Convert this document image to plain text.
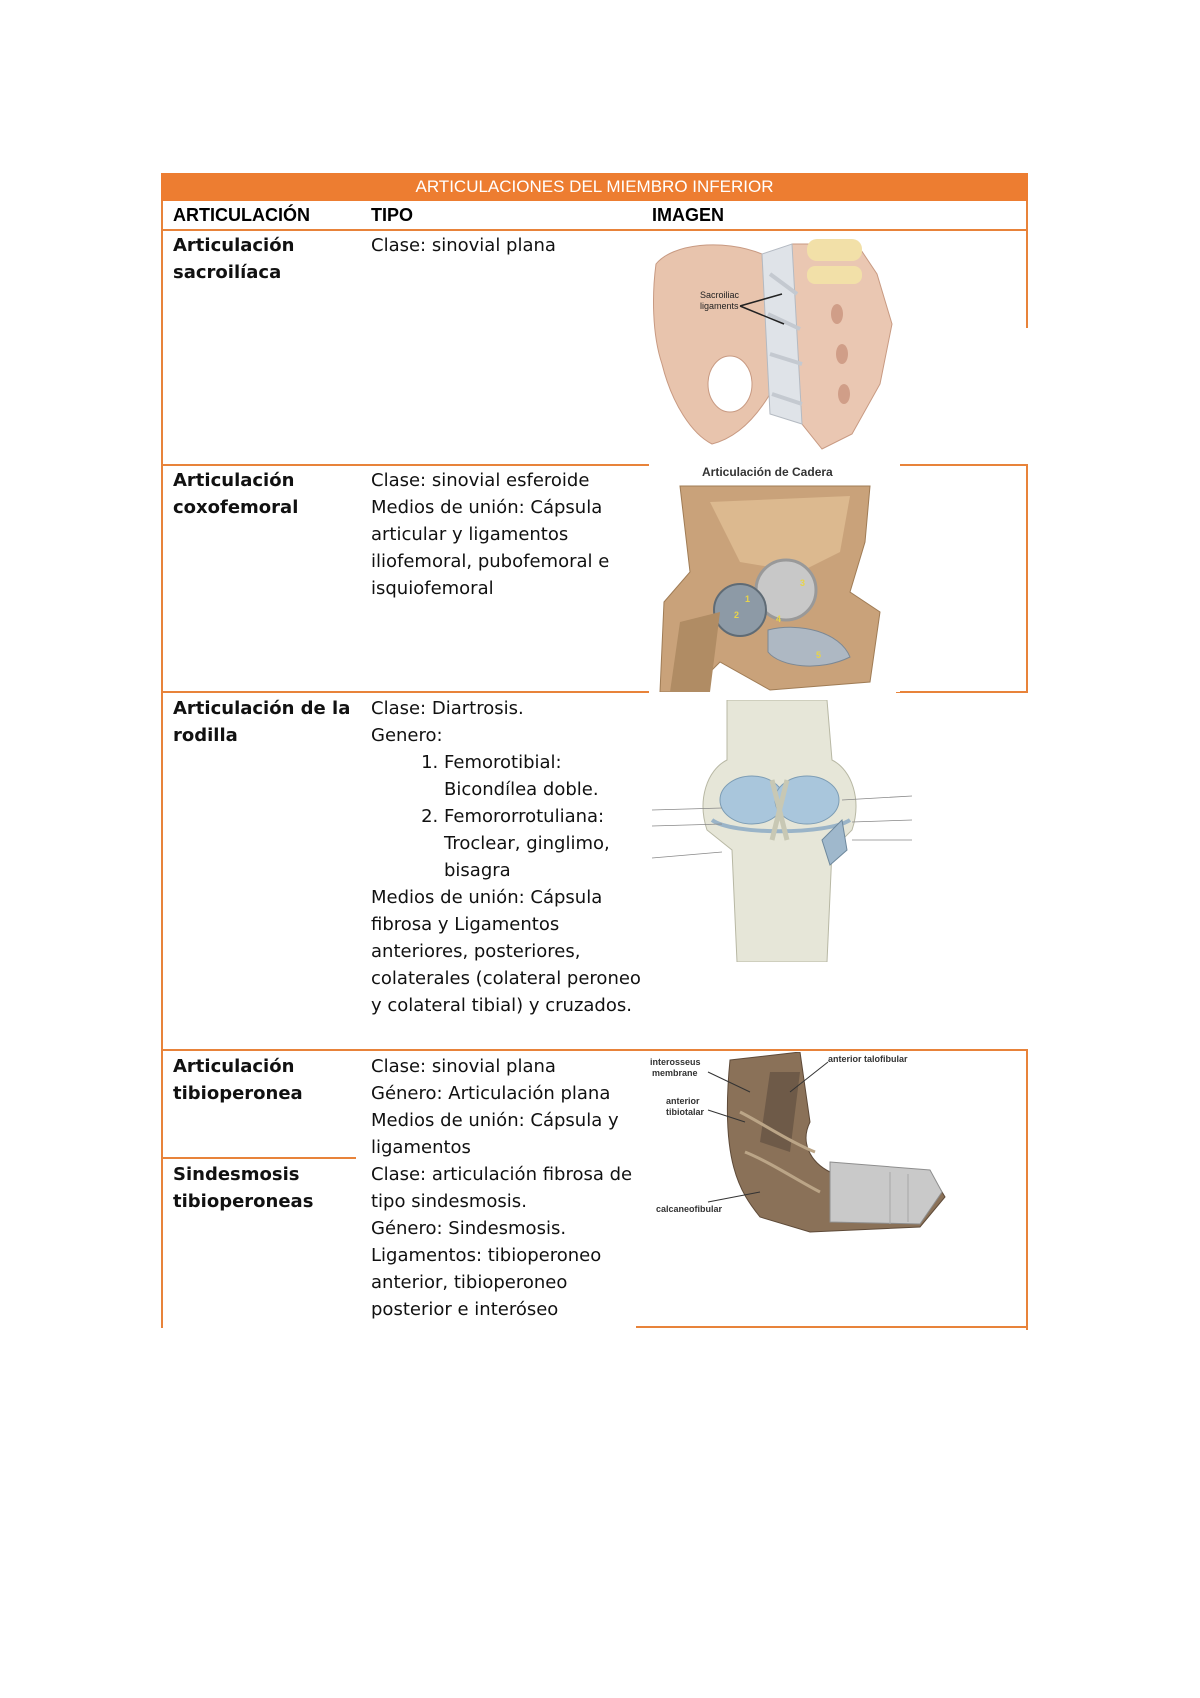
ARTICULACIONES DEL MIEMBRO INFERIOR
ARTICULACIÓN	TIPO	IMAGEN
Articulación sacroilíaca

Clase: sinovial plana

Sacroiliac
ligaments
Articulación coxofemoral

Clase: sinovial esferoide

Medios de unión: Cápsula articular y ligamentos iliofemoral, pubofemoral e isquiofemoral

Articulación de Cadera
1
2
3
4
5
Articulación de la rodilla

Clase: Diartrosis.

Genero:

1. Femorotibial: Bicondílea doble.
2. Femororrotuliana: Troclear, ginglimo, bisagra

Medios de unión: Cápsula fibrosa y Ligamentos anteriores, posteriores, colaterales (colateral peroneo y colateral tibial) y cruzados.

Articulación tibioperonea

Clase: sinovial plana

Género: Articulación plana

Medios de unión: Cápsula y ligamentos

interosseus
membrane
anterior
tibiotalar
anterior talofibular
calcaneofibular
Sindesmosis tibioperoneas

Clase: articulación fibrosa de tipo sindesmosis.

Género: Sindesmosis.

Ligamentos: tibioperoneo anterior, tibioperoneo posterior e interóseo
